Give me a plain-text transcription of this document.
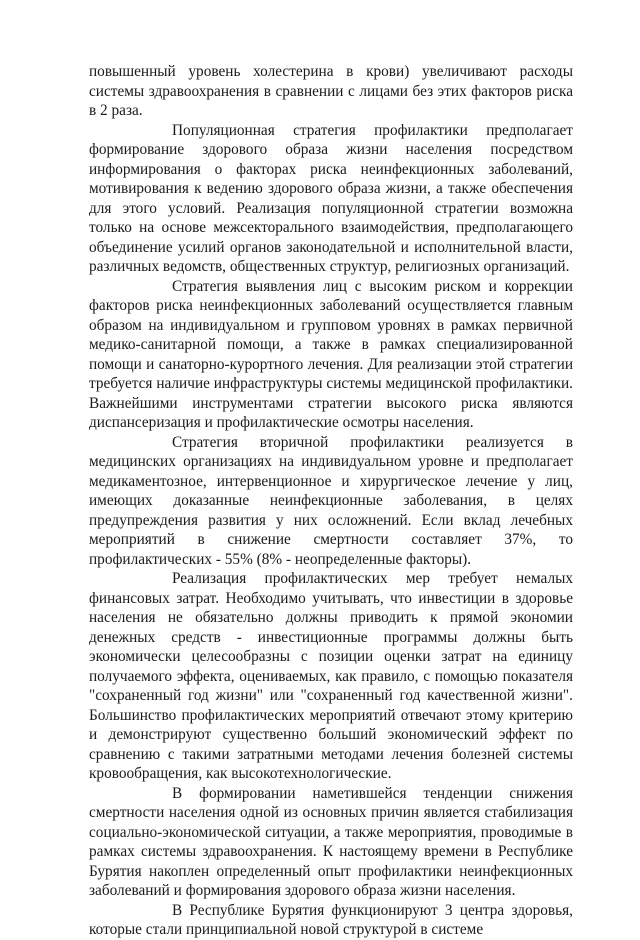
повышенный уровень холестерина в крови) увеличивают расходы системы здравоохранения в сравнении с лицами без этих факторов риска в 2 раза.

Популяционная стратегия профилактики предполагает формирование здорового образа жизни населения посредством информирования о факторах риска неинфекционных заболеваний, мотивирования к ведению здорового образа жизни, а также обеспечения для этого условий. Реализация популяционной стратегии возможна только на основе межсекторального взаимодействия, предполагающего объединение усилий органов законодательной и исполнительной власти, различных ведомств, общественных структур, религиозных организаций.

Стратегия выявления лиц с высоким риском и коррекции факторов риска неинфекционных заболеваний осуществляется главным образом на индивидуальном и групповом уровнях в рамках первичной медико-санитарной помощи, а также в рамках специализированной помощи и санаторно-курортного лечения. Для реализации этой стратегии требуется наличие инфраструктуры системы медицинской профилактики. Важнейшими инструментами стратегии высокого риска являются диспансеризация и профилактические осмотры населения.

Стратегия вторичной профилактики реализуется в медицинских организациях на индивидуальном уровне и предполагает медикаментозное, интервенционное и хирургическое лечение у лиц, имеющих доказанные неинфекционные заболевания, в целях предупреждения развития у них осложнений. Если вклад лечебных мероприятий в снижение смертности составляет 37%, то профилактических - 55% (8% - неопределенные факторы).

Реализация профилактических мер требует немалых финансовых затрат. Необходимо учитывать, что инвестиции в здоровье населения не обязательно должны приводить к прямой экономии денежных средств - инвестиционные программы должны быть экономически целесообразны с позиции оценки затрат на единицу получаемого эффекта, оцениваемых, как правило, с помощью показателя "сохраненный год жизни" или "сохраненный год качественной жизни". Большинство профилактических мероприятий отвечают этому критерию и демонстрируют существенно больший экономический эффект по сравнению с такими затратными методами лечения болезней системы кровообращения, как высокотехнологические.

В формировании наметившейся тенденции снижения смертности населения одной из основных причин является стабилизация социально-экономической ситуации, а также мероприятия, проводимые в рамках системы здравоохранения. К настоящему времени в Республике Бурятия накоплен определенный опыт профилактики неинфекционных заболеваний и формирования здорового образа жизни населения.

В Республике Бурятия функционируют 3 центра здоровья, которые стали принципиальной новой структурой в системе
